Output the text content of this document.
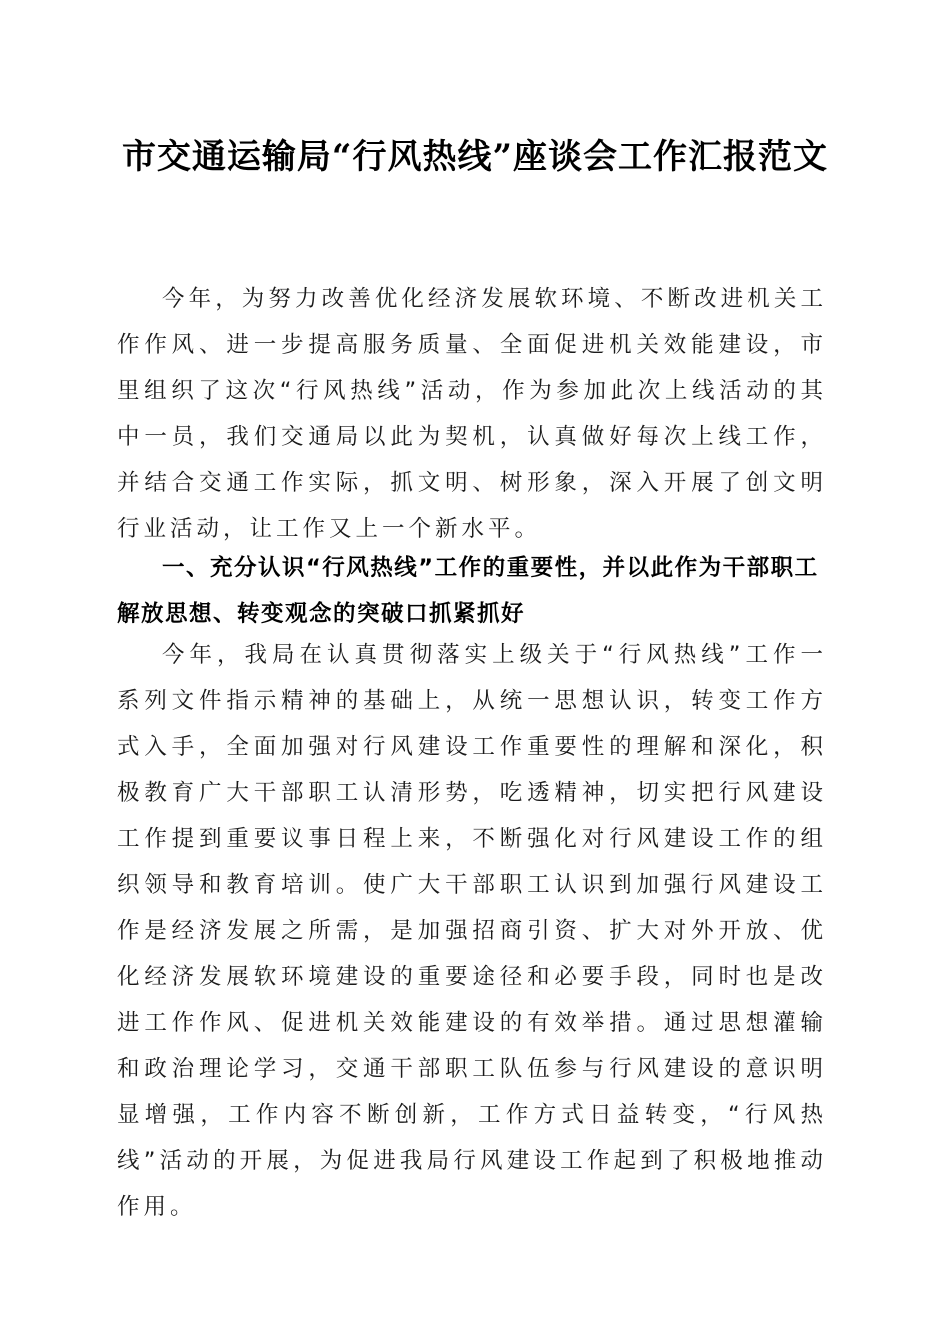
市交通运输局“行风热线”座谈会工作汇报范文

今年，为努力改善优化经济发展软环境、不断改进机关工作作风、进一步提高服务质量、全面促进机关效能建设，市里组织了这次“行风热线”活动，作为参加此次上线活动的其中一员，我们交通局以此为契机，认真做好每次上线工作，并结合交通工作实际，抓文明、树形象，深入开展了创文明行业活动，让工作又上一个新水平。

一、充分认识“行风热线”工作的重要性，并以此作为干部职工解放思想、转变观念的突破口抓紧抓好

今年，我局在认真贯彻落实上级关于“行风热线”工作一系列文件指示精神的基础上，从统一思想认识，转变工作方式入手，全面加强对行风建设工作重要性的理解和深化，积极教育广大干部职工认清形势，吃透精神，切实把行风建设工作提到重要议事日程上来，不断强化对行风建设工作的组织领导和教育培训。使广大干部职工认识到加强行风建设工作是经济发展之所需，是加强招商引资、扩大对外开放、优化经济发展软环境建设的重要途径和必要手段，同时也是改进工作作风、促进机关效能建设的有效举措。通过思想灌输和政治理论学习，交通干部职工队伍参与行风建设的意识明显增强，工作内容不断创新，工作方式日益转变，“行风热线”活动的开展，为促进我局行风建设工作起到了积极地推动作用。
